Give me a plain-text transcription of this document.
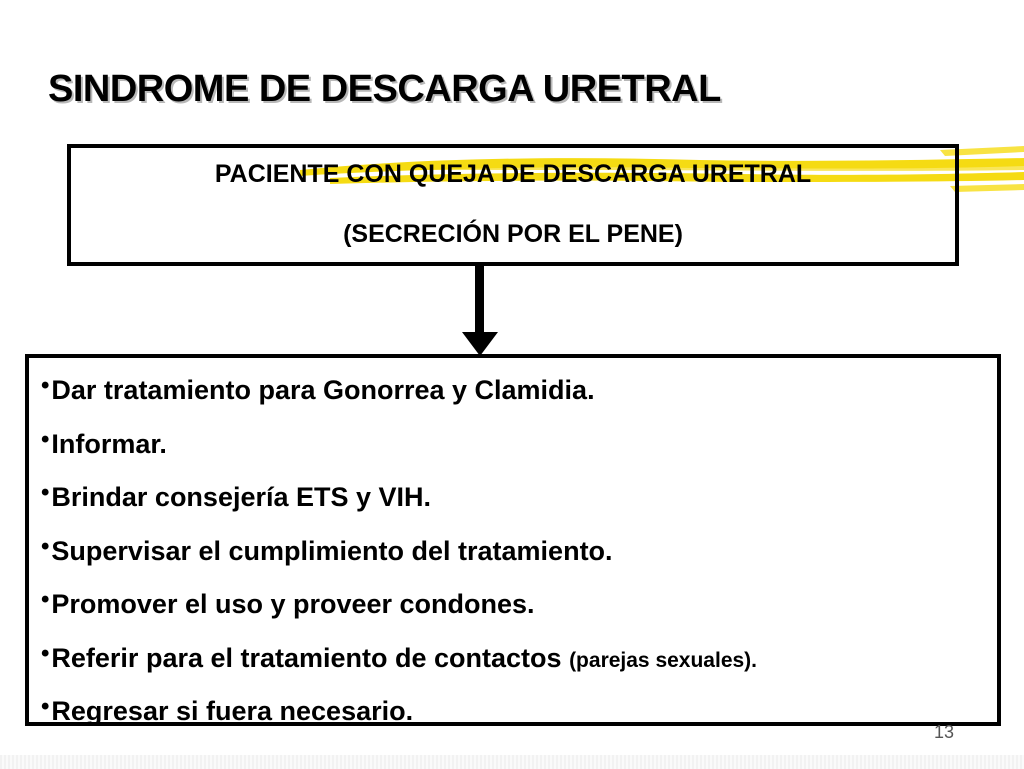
SINDROME DE DESCARGA URETRAL
PACIENTE CON QUEJA DE DESCARGA URETRAL
(SECRECIÓN POR EL PENE)
•Dar tratamiento para Gonorrea y Clamidia.
•Informar.
•Brindar consejería ETS y VIH.
•Supervisar el cumplimiento del tratamiento.
•Promover el uso y proveer condones.
•Referir para el tratamiento de contactos (parejas sexuales).
•Regresar si fuera necesario.
13
